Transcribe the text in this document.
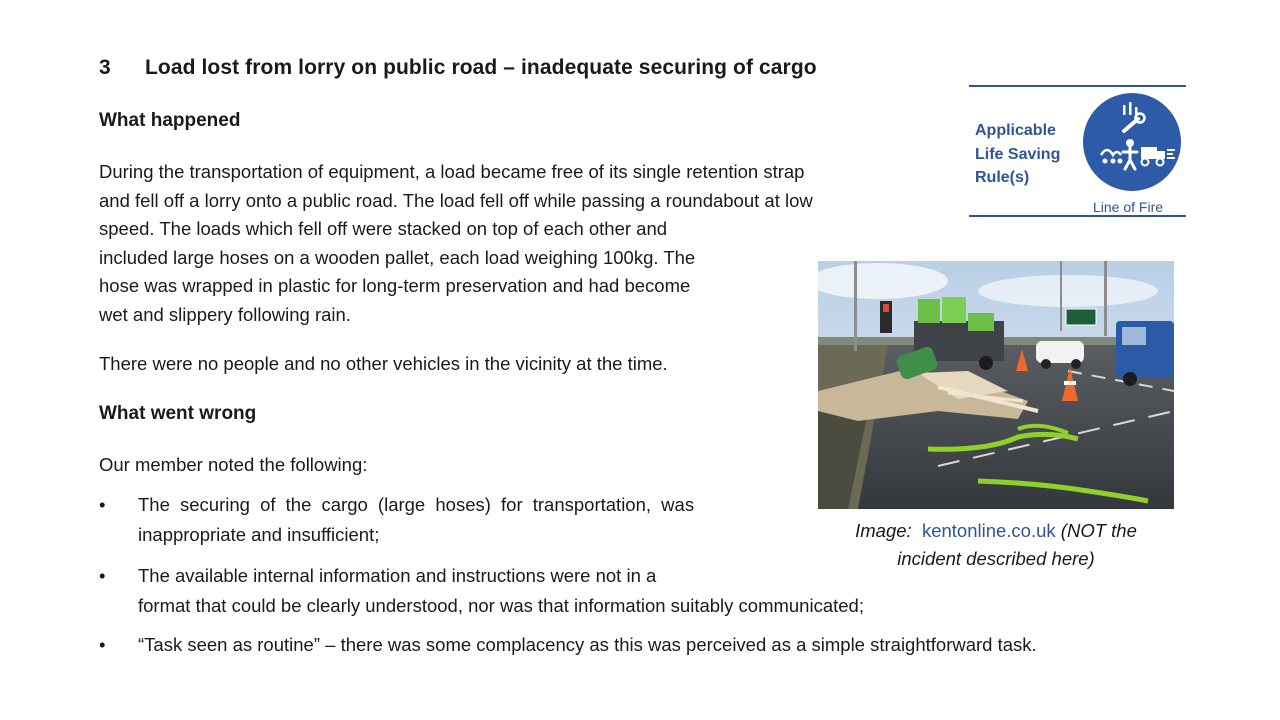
3 Load lost from lorry on public road – inadequate securing of cargo
What happened

During the transportation of equipment, a load became free of its single retention strap
and fell off a lorry onto a public road. The load fell off while passing a roundabout at low
speed. The loads which fell off were stacked on top of each other and
included large hoses on a wooden pallet, each load weighing 100kg. The
hose was wrapped in plastic for long-term preservation and had become
wet and slippery following rain.

There were no people and no other vehicles in the vicinity at the time.

What went wrong

Our member noted the following:

Applicable
Life Saving
Rule(s)
Line of Fire
Image: kentonline.co.uk (NOT the
incident described here)
• The securing of the cargo (large hoses) for transportation, was
inappropriate and insufficient;
• The available internal information and instructions were not in a
format that could be clearly understood, nor was that information suitably communicated;
• “Task seen as routine” – there was some complacency as this was perceived as a simple straightforward task.
